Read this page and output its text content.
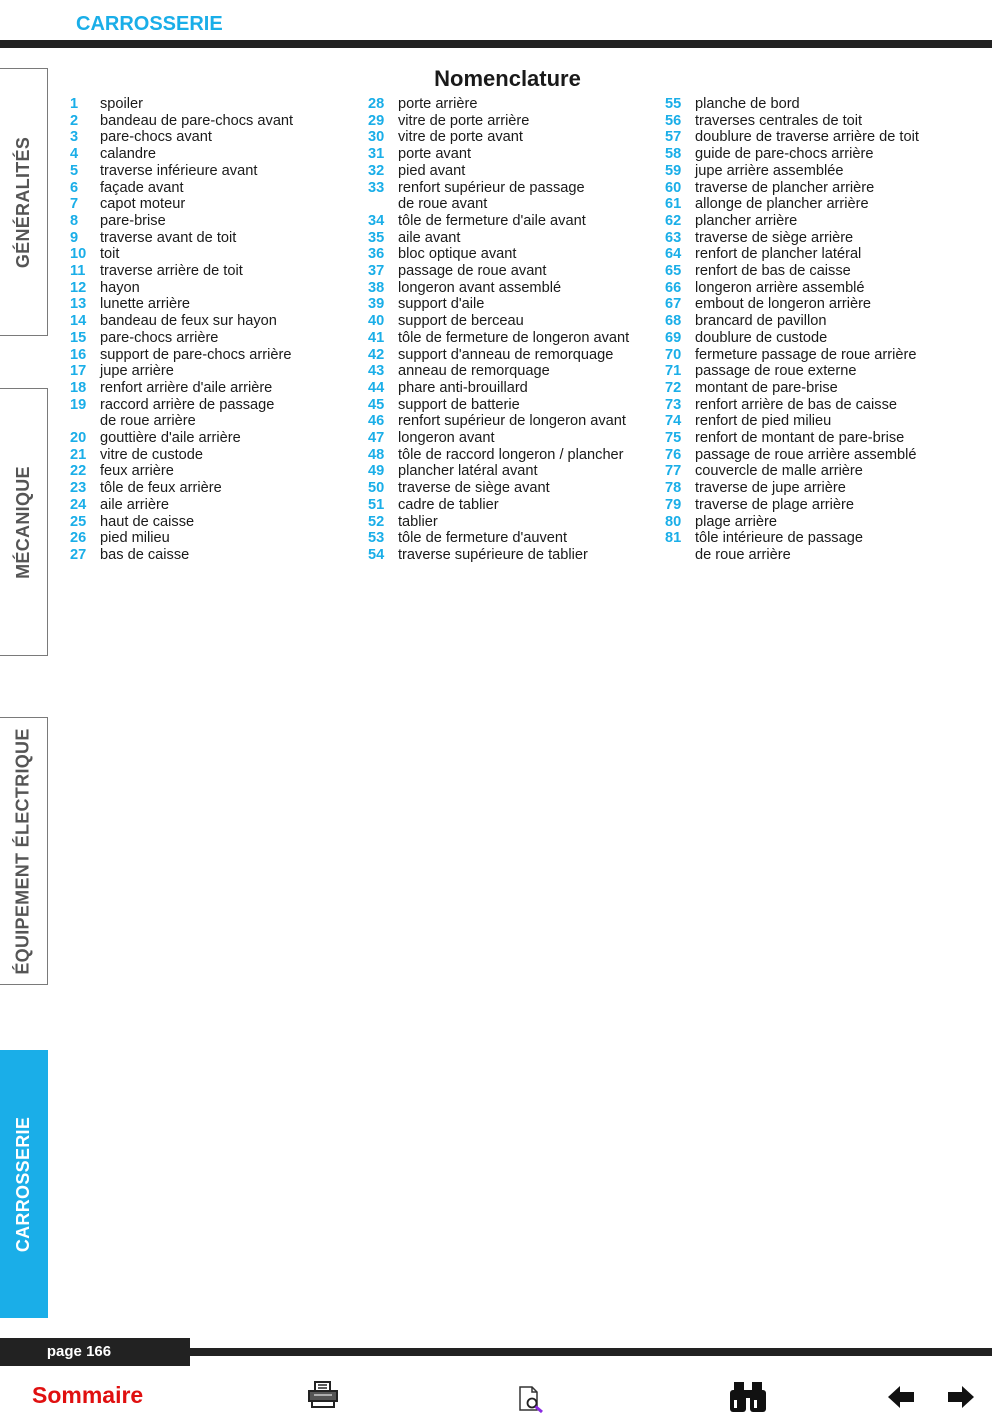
CARROSSERIE
GÉNÉRALITÉS
MÉCANIQUE
ÉQUIPEMENT ÉLECTRIQUE
CARROSSERIE
Nomenclature
1	spoiler
2	bandeau de pare-chocs avant
3	pare-chocs avant
4	calandre
5	traverse inférieure avant
6	façade avant
7	capot moteur
8	pare-brise
9	traverse avant de toit
10 toit
11 traverse arrière de toit
12 hayon
13 lunette arrière
14 bandeau de feux sur hayon
15 pare-chocs arrière
16 support de pare-chocs arrière
17 jupe arrière
18 renfort arrière d'aile arrière
19 raccord arrière de passage
de roue arrière
20 gouttière d'aile arrière
21 vitre de custode
22 feux arrière
23 tôle de feux arrière
24 aile arrière
25 haut de caisse
26 pied milieu
27 bas de caisse
28 porte arrière
29 vitre de porte arrière
30 vitre de porte avant
31 porte avant
32 pied avant
33 renfort supérieur de passage
de roue avant
34 tôle de fermeture d'aile avant
35 aile avant
36 bloc optique avant
37 passage de roue avant
38 longeron avant assemblé
39 support d'aile
40 support de berceau
41 tôle de fermeture de longeron avant
42 support d'anneau de remorquage
43 anneau de remorquage
44 phare anti-brouillard
45 support de batterie
46 renfort supérieur de longeron avant
47 longeron avant
48 tôle de raccord longeron / plancher
49 plancher latéral avant
50 traverse de siège avant
51 cadre de tablier
52 tablier
53 tôle de fermeture d'auvent
54 traverse supérieure de tablier
55 planche de bord
56 traverses centrales de toit
57 doublure de traverse arrière de toit
58 guide de pare-chocs arrière
59 jupe arrière assemblée
60 traverse de plancher arrière
61 allonge de plancher arrière
62 plancher arrière
63 traverse de siège arrière
64 renfort de plancher latéral
65 renfort de bas de caisse
66 longeron arrière assemblé
67 embout de longeron arrière
68 brancard de pavillon
69 doublure de custode
70 fermeture passage de roue arrière
71 passage de roue externe
72 montant de pare-brise
73 renfort arrière de bas de caisse
74 renfort de pied milieu
75 renfort de montant de pare-brise
76 passage de roue arrière assemblé
77 couvercle de malle arrière
78 traverse de jupe arrière
79 traverse de plage arrière
80 plage arrière
81 tôle intérieure de passage
de roue arrière
page 166
Sommaire
